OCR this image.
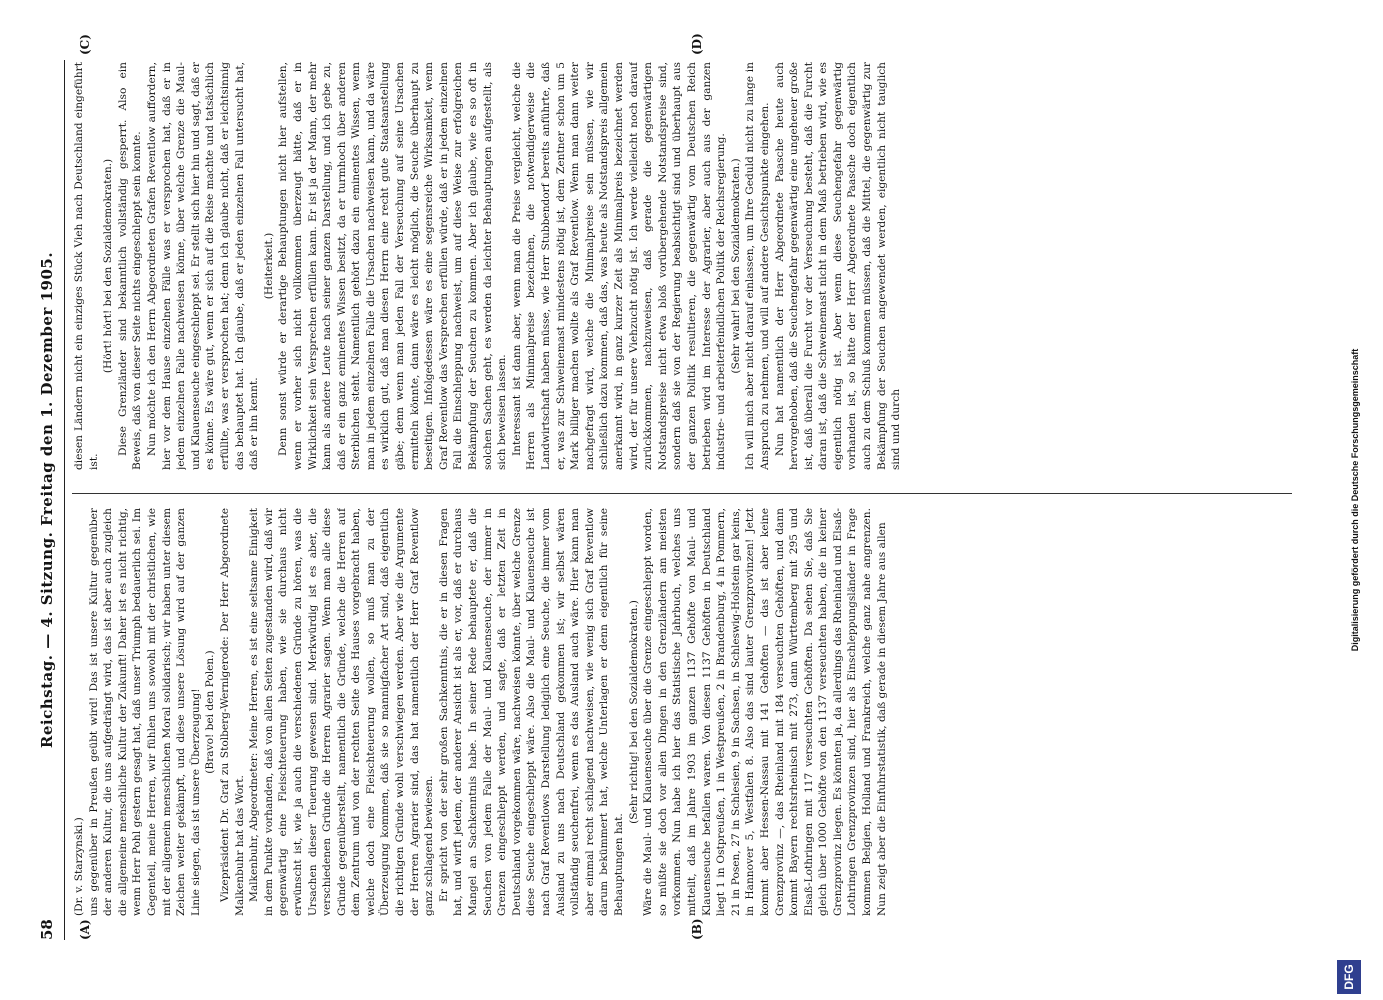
58
Reichstag. — 4. Sitzung. Freitag den 1. Dezember 1905.
(A)	(B)
(C)	(D)

(Dr. v. Starzynski.) uns gegenüber in Preußen geübt wird! Das ist unsere Kultur gegenüber der anderen Kultur, die uns aufgedrängt wird, das ist aber auch zugleich die allgemeine menschliche Kultur der Zukunft! Daher ist es nicht richtig, wenn Herr Pohl gestern gesagt hat, daß unser Triumph bedauerlich sei. Im Gegenteil, meine Herren, wir fühlen uns sowohl mit der christlichen, wie mit der allgemein menschlichen Moral solidarisch; wir haben unter diesem Zeichen weiter gekämpft, und diese unsere Lösung wird auf der ganzen Linie siegen, das ist unsere Überzeugung! (Bravo! bei den Polen.) Vizepräsident Dr. Graf zu Stolberg-Wernigerode: Der Herr Abgeordnete Malkenbuhr hat das Wort. Malkenbuhr, Abgeordneter: Meine Herren, es ist eine seltsame Einigkeit in dem Punkte vorhanden, daß von allen Seiten zugestanden wird, daß wir gegenwärtig eine Fleischteuerung haben, wie sie durchaus nicht erwünscht ist, wie ja auch die verschiedenen Gründe zu hören, was die Ursachen dieser Teuerung gewesen sind. Merkwürdig ist es aber, die verschiedenen Gründe die Herren Agrarier sagen. Wenn man alle diese Gründe gegenüberstellt, namentlich die Gründe, welche die Herren auf dem Zentrum und von der rechten Seite des Hauses vorgebracht haben, welche doch eine Fleischteuerung wollen, so muß man zu der Überzeugung kommen, daß sie so mannigfacher Art sind, daß eigentlich die richtigen Gründe wohl verschwiegen werden. Aber wie die Argumente der Herren Agrarier sind, das hat namentlich der Herr Graf Reventlow ganz schlagend bewiesen. Er spricht von der sehr großen Sachkenntnis, die er in diesen Fragen hat, und wirft jedem, der anderer Ansicht ist als er, vor, daß er durchaus Mangel an Sachkenntnis habe. In seiner Rede behauptete er, daß die Seuchen von jedem Falle der Maul- und Klauenseuche, der immer in Grenzen eingeschleppt werden, und sagte, daß er letzten Zeit in Deutschland vorgekommen wäre, nachweisen könnte, über welche Grenze diese Seuche eingeschleppt wäre. Also die Maul- und Klauenseuche ist nach Graf Reventlows Darstellung lediglich eine Seuche, die immer vom Ausland zu uns nach Deutschland gekommen ist; wir selbst wären vollständig seuchenfrei, wenn es das Ausland auch wäre. Hier kann man aber einmal recht schlagend nachweisen, wie wenig sich Graf Reventlow darum bekümmert hat, welche Unterlagen er denn eigentlich für seine Behauptungen hat.

(Sehr richtig! bei den Sozialdemokraten.) Wäre die Maul- und Klauenseuche über die Grenze eingeschleppt worden, so müßte sie doch vor allen Dingen in den Grenzländern am meisten vorkommen. Nun habe ich hier das Statistische Jahrbuch, welches uns mitteilt, daß im Jahre 1903 im ganzen 1137 Gehöfte von Maul- und Klauenseuche befallen waren. Von diesen 1137 Gehöften in Deutschland liegt 1 in Ostpreußen, 1 in Westpreußen, 2 in Brandenburg, 4 in Pommern, 21 in Posen, 27 in Schlesien, 9 in Sachsen, in Schleswig-Holstein gar keins, in Hannover 5, Westfalen 8. Also das sind lauter Grenzprovinzen! Jetzt kommt aber Hessen-Nassau mit 141 Gehöften — das ist aber keine Grenzprovinz —, das Rheinland mit 184 verseuchten Gehöften, und dann kommt Bayern rechtsrheinisch mit 273, dann Württemberg mit 295 und Elsaß-Lothringen mit 117 verseuchten Gehöften. Da sehen Sie, daß Sie gleich über 1000 Gehöfte von den 1137 verseuchten haben, die in keiner Grenzprovinz liegen. Es könnten ja, da allerdings das Rheinland und Elsaß-Lothringen Grenzprovinzen sind, hier als Einschleppungsländer in Frage kommen Belgien, Holland und Frankreich, welche ganz nahe angrenzen. Nun zeigt aber die Einfuhrstatistik, daß gerade in diesem Jahre aus allen

diesen Ländern nicht ein einziges Stück Vieh nach Deutschland eingeführt ist.

(Hört! hört! bei den Sozialdemokraten.) Diese Grenzländer sind bekanntlich vollständig gesperrt. Also ein Beweis, daß von dieser Seite nichts eingeschleppt sein konnte. Nun möchte ich den Herrn Abgeordneten Grafen Reventlow auffordern, hier vor dem Hause einzelnen Fälle was er versprochen hat, daß er in jedem einzelnen Falle nachweisen könne, über welche Grenze die Maul- und Klauenseuche eingeschleppt sei. Er stellt sich hier hin und sagt, daß er es könne. Es wäre gut, wenn er sich auf die Reise machte und tatsächlich erfüllte, was er versprochen hat; denn ich glaube nicht, daß er leichtsinnig das behauptet hat. Ich glaube, daß er jeden einzelnen Fall untersucht hat, daß er ihn kennt.

(Heiterkeit.) Denn sonst würde er derartige Behauptungen nicht hier aufstellen, wenn er vorher sich nicht vollkommen überzeugt hätte, daß er in Wirklichkeit sein Versprechen erfüllen kann. Er ist ja der Mann, der mehr kann als andere Leute nach seiner ganzen Darstellung, und ich gebe zu, daß er ein ganz eminentes Wissen besitzt, da er turmhoch über anderen Sterblichen steht. Namentlich gehört dazu ein eminentes Wissen, wenn man in jedem einzelnen Falle die Ursachen nachweisen kann, und da wäre es wirklich gut, daß man diesen Herrn eine recht gute Staatsanstellung gäbe; denn wenn man jeden Fall der Verseuchung auf seine Ursachen ermitteln könnte, dann wäre es leicht möglich, die Seuche überhaupt zu beseitigen. Infolgedessen wäre es eine segensreiche Wirksamkeit, wenn Graf Reventlow das Versprechen erfüllen würde, daß er in jedem einzelnen Fall die Einschleppung nachweist, um auf diese Weise zur erfolgreichen Bekämpfung der Seuchen zu kommen. Aber ich glaube, wie es so oft in solchen Sachen geht, es werden da leichter Behauptungen aufgestellt, als sich beweisen lassen. Interessant ist dann aber, wenn man die Preise vergleicht, welche die Herren als Minimalpreise bezeichnen, die notwendigerweise die Landwirtschaft haben müsse, wie Herr Stubbendorf bereits anführte, daß er, was zur Schweinemast mindestens nötig ist, dem Zentner schon um 5 Mark billiger machen wollte als Graf Reventlow. Wenn man dann weiter nachgefragt wird, welche die Minimalpreise sein müssen, wie wir schließlich dazu kommen, daß das, was heute als Notstandspreis allgemein anerkannt wird, in ganz kurzer Zeit als Minimalpreis bezeichnet werden wird, der für unsere Viehzucht nötig ist. Ich werde vielleicht noch darauf zurückkommen, nachzuweisen, daß gerade die gegenwärtigen Notstandspreise nicht etwa bloß vorübergehende Notstandspreise sind, sondern daß sie von der Regierung beabsichtigt sind und überhaupt aus der ganzen Politik resultieren, die gegenwärtig vom Deutschen Reich betrieben wird im Interesse der Agrarier, aber auch aus der ganzen industrie- und arbeiterfeindlichen Politik der Reichsregierung. (Sehr wahr! bei den Sozialdemokraten.) Ich will mich aber nicht darauf einlassen, um Ihre Geduld nicht zu lange in Anspruch zu nehmen, und will auf andere Gesichtspunkte eingehen. Nun hat namentlich der Herr Abgeordnete Paasche heute auch hervorgehoben, daß die Seuchengefahr gegenwärtig eine ungeheuer große ist, daß überall die Furcht vor der Verseuchung besteht, daß die Furcht daran ist, daß die Schweinemast nicht in dem Maß betrieben wird, wie es eigentlich nötig ist. Aber wenn diese Seuchengefahr gegenwärtig vorhanden ist, so hätte der Herr Abgeordnete Paasche doch eigentlich auch zu dem Schluß kommen müssen, daß die Mittel, die gegenwärtig zur Bekämpfung der Seuchen angewendet werden, eigentlich nicht tauglich sind und durch

DFG
Digitalisierung gefördert durch die Deutsche Forschungsgemeinschaft
